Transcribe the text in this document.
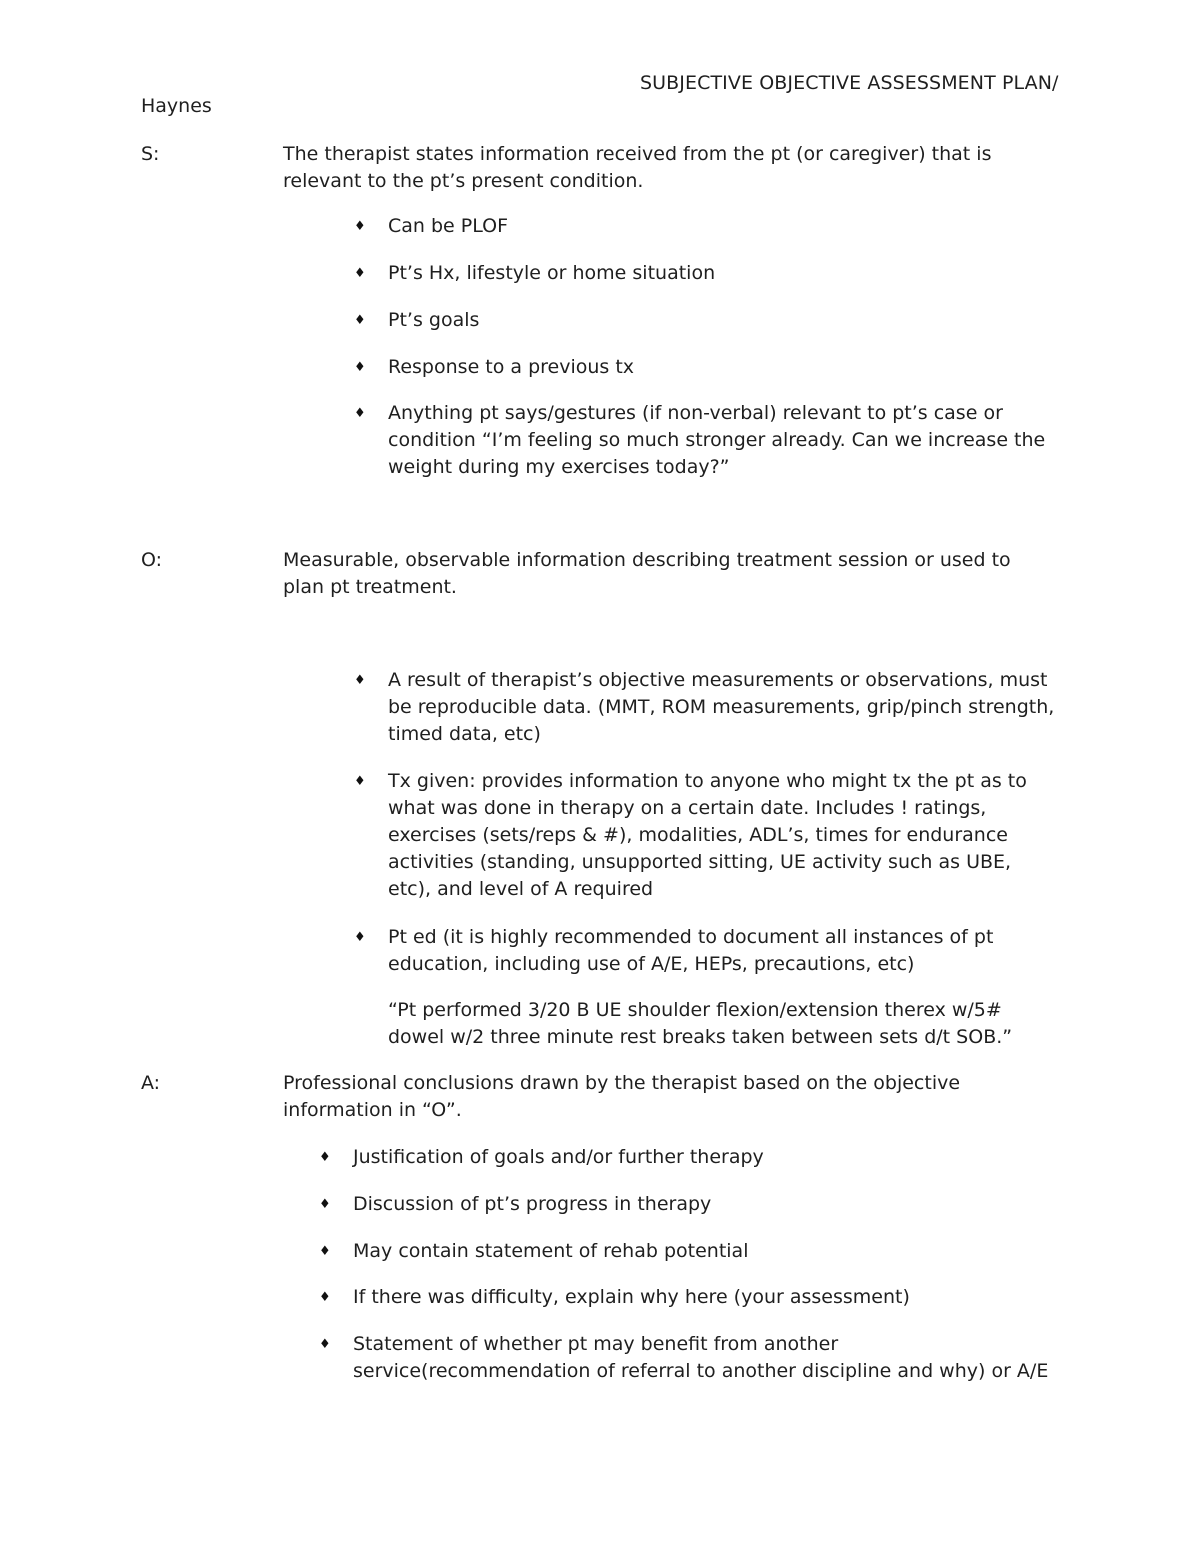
SUBJECTIVE OBJECTIVE ASSESSMENT PLAN/
Haynes
S:	The therapist states information received from the pt (or caregiver) that is relevant to the pt’s present condition.
♦ Can be PLOF
♦ Pt’s Hx, lifestyle or home situation
♦ Pt’s goals
♦ Response to a previous tx
♦ Anything pt says/gestures (if non-verbal) relevant to pt’s case or condition “I’m feeling so much stronger already. Can we increase the weight during my exercises today?”
O:	Measurable, observable information describing treatment session or used to plan pt treatment.
♦ A result of therapist’s objective measurements or observations, must be reproducible data. (MMT, ROM measurements, grip/pinch strength, timed data, etc)
♦ Tx given: provides information to anyone who might tx the pt as to what was done in therapy on a certain date. Includes ! ratings, exercises (sets/reps & #), modalities, ADL’s, times for endurance activities (standing, unsupported sitting, UE activity such as UBE, etc), and level of A required
♦ Pt ed (it is highly recommended to document all instances of pt education, including use of A/E, HEPs, precautions, etc)
“Pt performed 3/20 B UE shoulder flexion/extension therex w/5# dowel w/2 three minute rest breaks taken between sets d/t SOB.”
A:	Professional conclusions drawn by the therapist based on the objective information in “O”.
♦ Justification of goals and/or further therapy
♦ Discussion of pt’s progress in therapy
♦ May contain statement of rehab potential
♦ If there was difficulty, explain why here (your assessment)
♦ Statement of whether pt may benefit from another service(recommendation of referral to another discipline and why) or A/E
